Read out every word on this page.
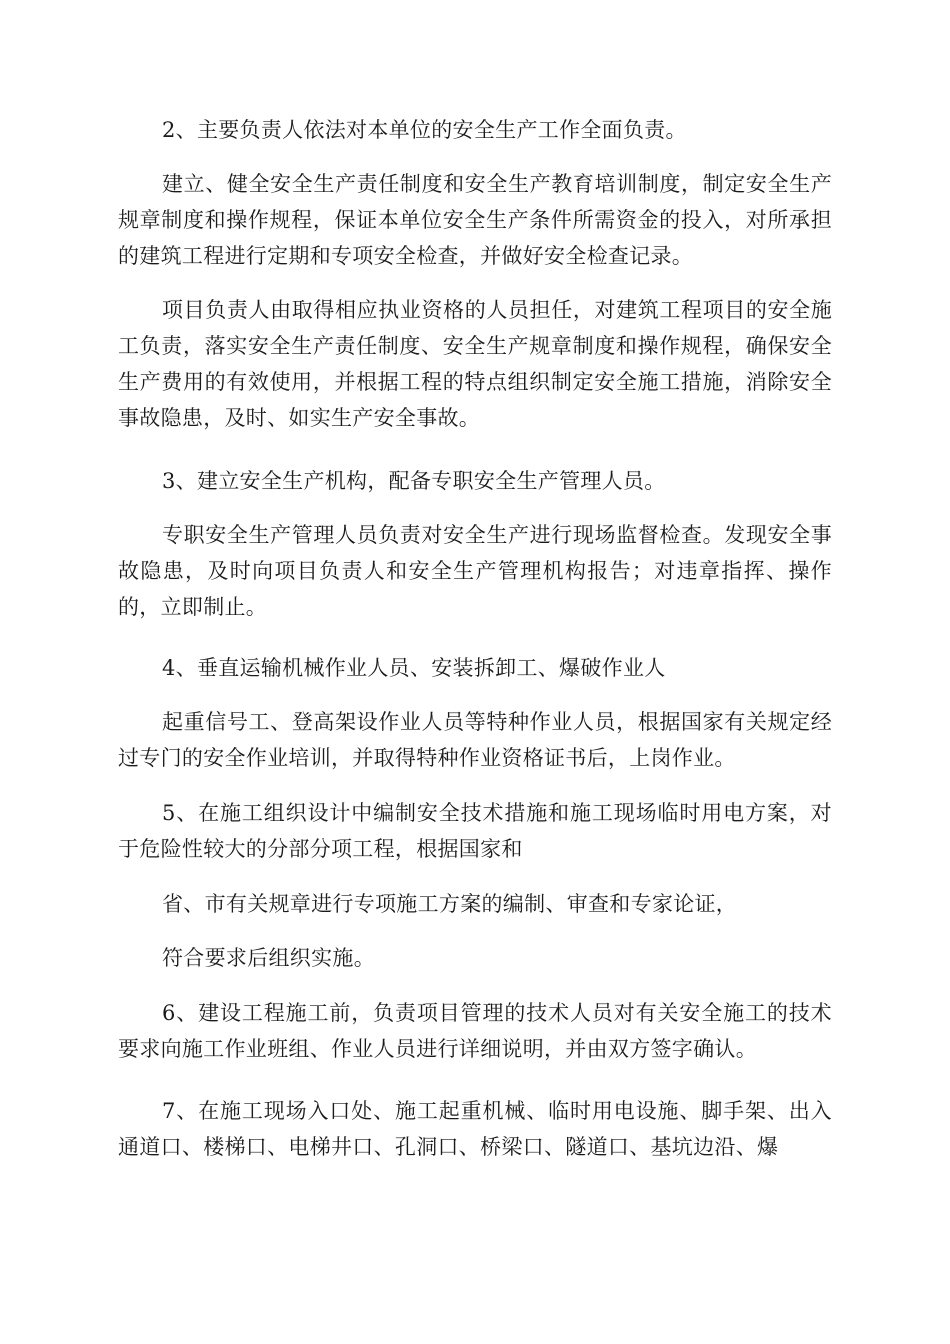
2、主要负责人依法对本单位的安全生产工作全面负责。

建立、健全安全生产责任制度和安全生产教育培训制度，制定安全生产规章制度和操作规程，保证本单位安全生产条件所需资金的投入，对所承担的建筑工程进行定期和专项安全检查，并做好安全检查记录。

项目负责人由取得相应执业资格的人员担任，对建筑工程项目的安全施工负责，落实安全生产责任制度、安全生产规章制度和操作规程，确保安全生产费用的有效使用，并根据工程的特点组织制定安全施工措施，消除安全事故隐患，及时、如实生产安全事故。

3、建立安全生产机构，配备专职安全生产管理人员。

专职安全生产管理人员负责对安全生产进行现场监督检查。发现安全事故隐患，及时向项目负责人和安全生产管理机构报告；对违章指挥、操作的，立即制止。

4、垂直运输机械作业人员、安装拆卸工、爆破作业人

起重信号工、登高架设作业人员等特种作业人员，根据国家有关规定经过专门的安全作业培训，并取得特种作业资格证书后，上岗作业。

5、在施工组织设计中编制安全技术措施和施工现场临时用电方案，对于危险性较大的分部分项工程，根据国家和

省、市有关规章进行专项施工方案的编制、审查和专家论证，

符合要求后组织实施。

6、建设工程施工前，负责项目管理的技术人员对有关安全施工的技术要求向施工作业班组、作业人员进行详细说明，并由双方签字确认。

7、在施工现场入口处、施工起重机械、临时用电设施、脚手架、出入通道口、楼梯口、电梯井口、孔洞口、桥梁口、隧道口、基坑边沿、爆
